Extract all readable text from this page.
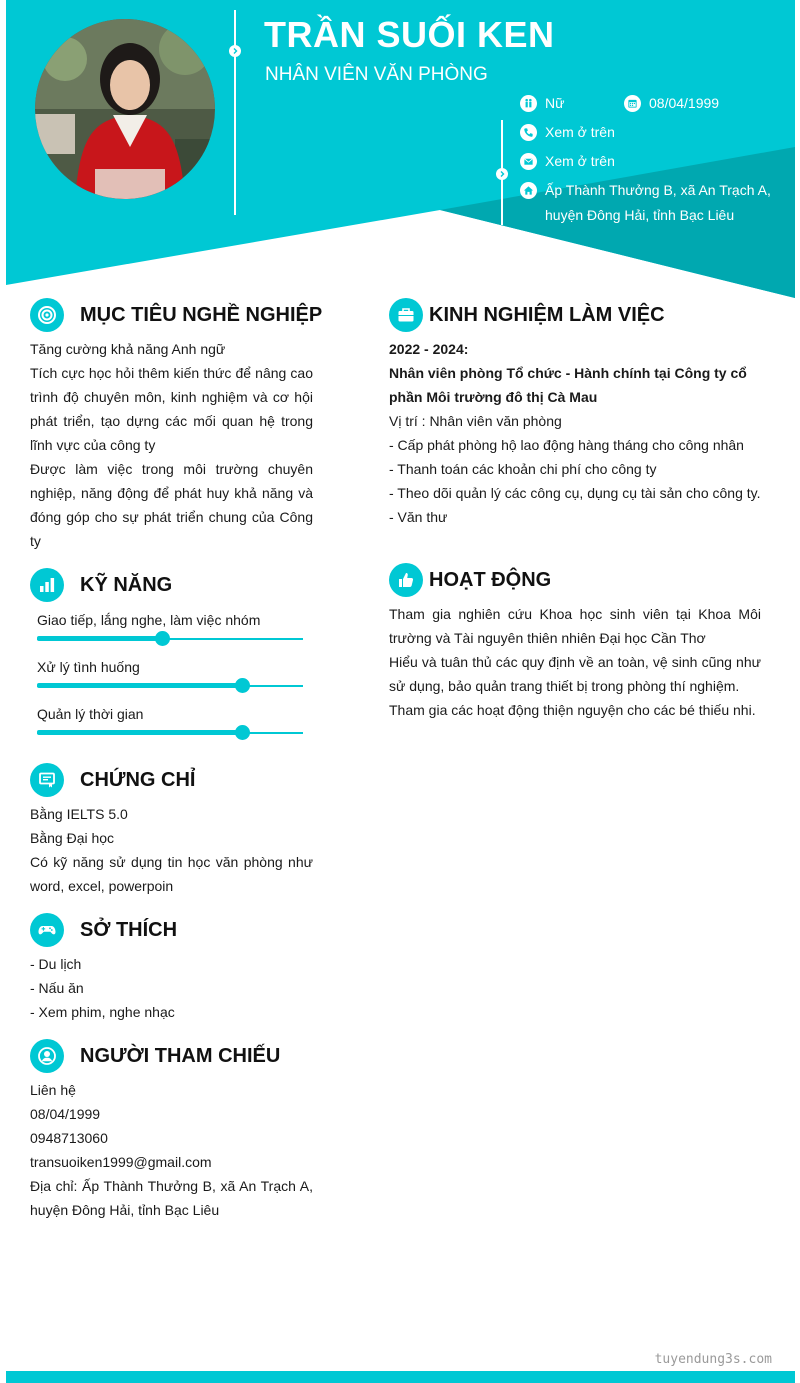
TRẦN SUỐI KEN
NHÂN VIÊN VĂN PHÒNG
Nữ	08/04/1999
Xem ở trên
Xem ở trên
Ấp Thành Thưởng B, xã An Trạch A,
huyện Đông Hải, tỉnh Bạc Liêu
MỤC TIÊU NGHỀ NGHIỆP
Tăng cường khả năng Anh ngữ
Tích cực học hỏi thêm kiến thức để nâng cao trình độ chuyên môn, kinh nghiệm và cơ hội phát triển, tạo dựng các mối quan hệ trong lĩnh vực của công ty
Được làm việc trong môi trường chuyên nghiệp, năng động để phát huy khả năng và đóng góp cho sự phát triển chung của Công ty
KỸ NĂNG
Giao tiếp, lắng nghe, làm việc nhóm
Xử lý tình huống
Quản lý thời gian
CHỨNG CHỈ
Bằng IELTS 5.0
Bằng Đại học
Có kỹ năng sử dụng tin học văn phòng như word, excel, powerpoin
SỞ THÍCH
- Du lịch
- Nấu ăn
- Xem phim, nghe nhạc
NGƯỜI THAM CHIẾU
Liên hệ
08/04/1999
0948713060
transuoiken1999@gmail.com
Địa chỉ: Ấp Thành Thưởng B, xã An Trạch A, huyện Đông Hải, tỉnh Bạc Liêu
KINH NGHIỆM LÀM VIỆC
2022 - 2024:
Nhân viên phòng Tổ chức - Hành chính tại Công ty cổ phần Môi trường đô thị Cà Mau
Vị trí : Nhân viên văn phòng
- Cấp phát phòng hộ lao động hàng tháng cho công nhân
- Thanh toán các khoản chi phí cho công ty
- Theo dõi quản lý các công cụ, dụng cụ tài sản cho công ty.
- Văn thư
HOẠT ĐỘNG
Tham gia nghiên cứu Khoa học sinh viên tại Khoa Môi trường và Tài nguyên thiên nhiên Đại học Cần Thơ
Hiểu và tuân thủ các quy định về an toàn, vệ sinh cũng như sử dụng, bảo quản trang thiết bị trong phòng thí nghiệm.
Tham gia các hoạt động thiện nguyện cho các bé thiếu nhi.
tuyendung3s.com
